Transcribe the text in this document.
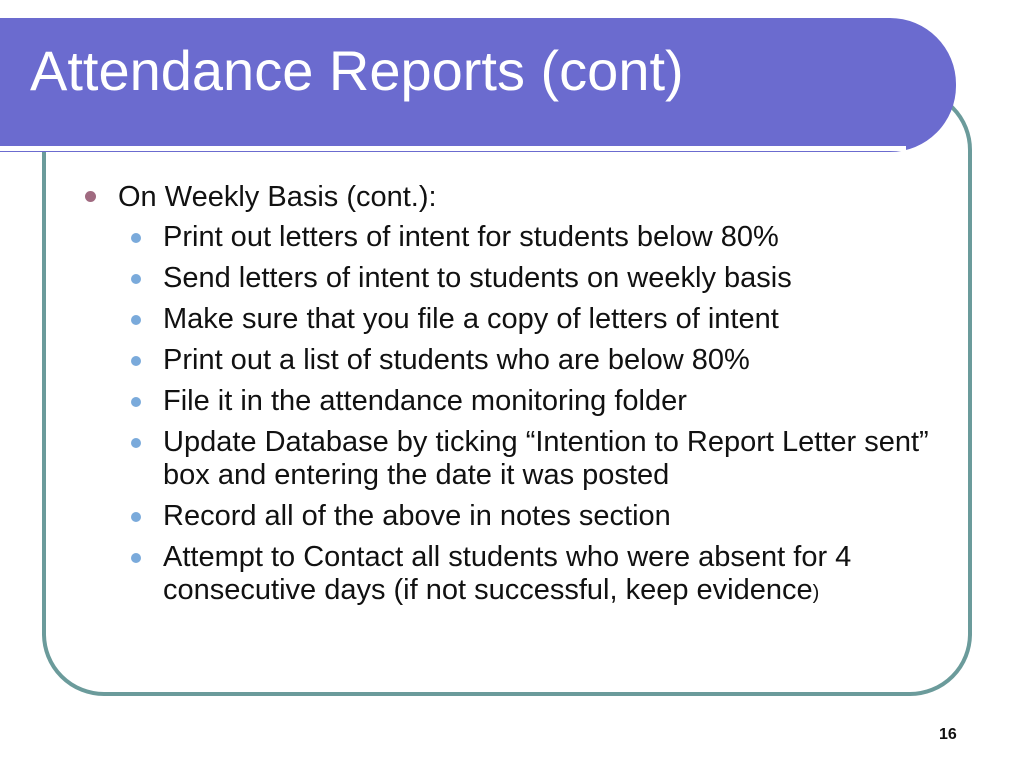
Attendance Reports (cont)
On Weekly Basis (cont.):
Print out letters of intent for students below 80%
Send letters of intent to students on weekly basis
Make sure that you file a copy of letters of intent
Print out a list of students who are below 80%
File it in the attendance monitoring folder
Update Database by ticking “Intention to Report Letter sent” box and entering the date it was posted
Record all of the above in notes section
Attempt to Contact all students who were absent for 4 consecutive days (if not successful, keep evidence)
16
